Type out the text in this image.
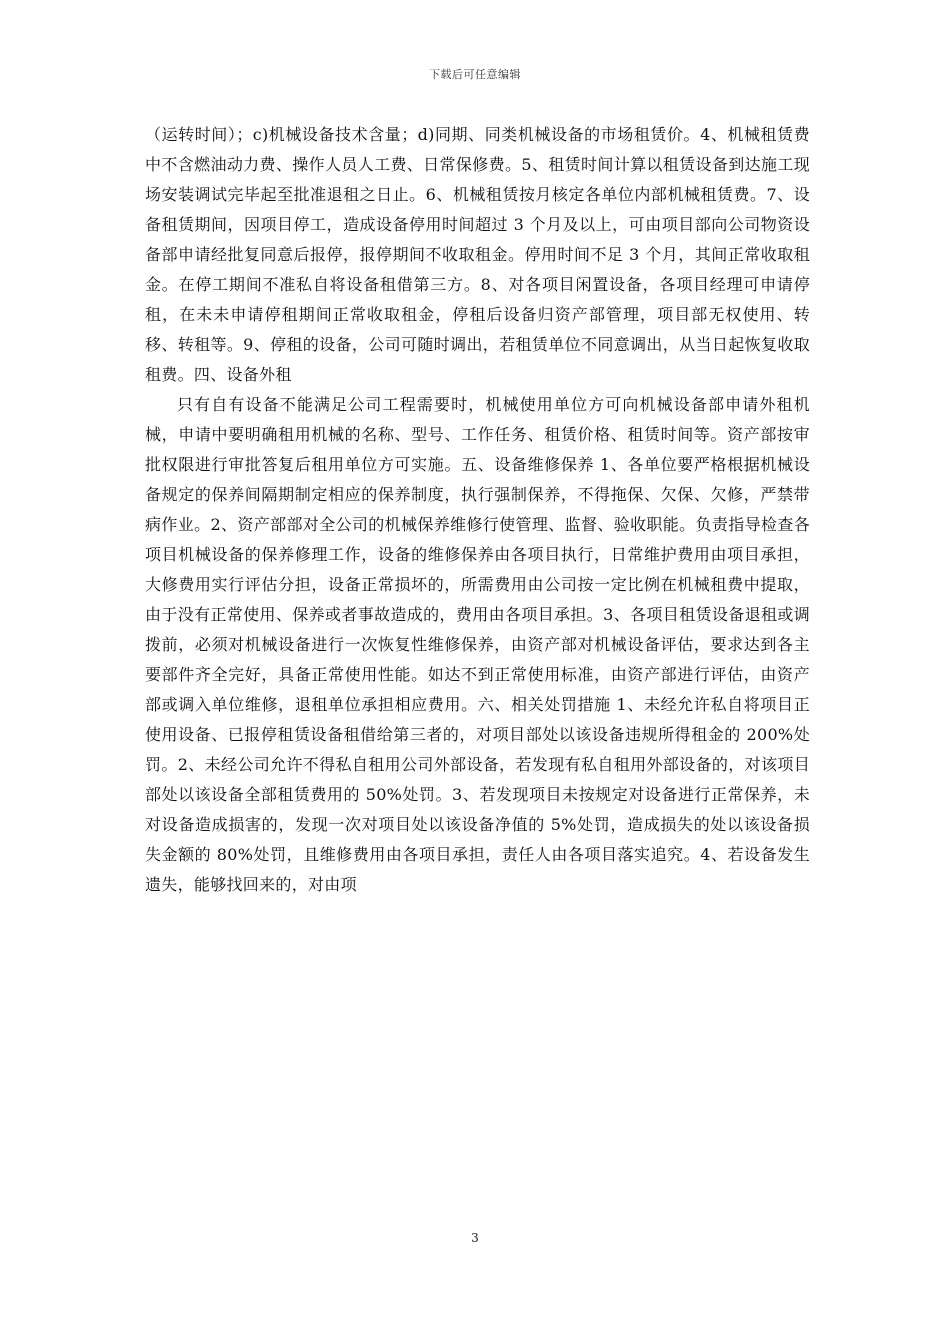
下载后可任意编辑

（运转时间）；c)机械设备技术含量；d)同期、同类机械设备的市场租赁价。4、机械租赁费中不含燃油动力费、操作人员人工费、日常保修费。5、租赁时间计算以租赁设备到达施工现场安装调试完毕起至批准退租之日止。6、机械租赁按月核定各单位内部机械租赁费。7、设备租赁期间，因项目停工，造成设备停用时间超过 3 个月及以上，可由项目部向公司物资设备部申请经批复同意后报停，报停期间不收取租金。停用时间不足 3 个月，其间正常收取租金。在停工期间不准私自将设备租借第三方。8、对各项目闲置设备，各项目经理可申请停租，在未未申请停租期间正常收取租金，停租后设备归资产部管理，项目部无权使用、转移、转租等。9、停租的设备，公司可随时调出，若租赁单位不同意调出，从当日起恢复收取租费。四、设备外租

只有自有设备不能满足公司工程需要时，机械使用单位方可向机械设备部申请外租机械，申请中要明确租用机械的名称、型号、工作任务、租赁价格、租赁时间等。资产部按审批权限进行审批答复后租用单位方可实施。五、设备维修保养 1、各单位要严格根据机械设备规定的保养间隔期制定相应的保养制度，执行强制保养，不得拖保、欠保、欠修，严禁带病作业。2、资产部部对全公司的机械保养维修行使管理、监督、验收职能。负责指导检查各项目机械设备的保养修理工作，设备的维修保养由各项目执行，日常维护费用由项目承担，大修费用实行评估分担，设备正常损坏的，所需费用由公司按一定比例在机械租费中提取，由于没有正常使用、保养或者事故造成的，费用由各项目承担。3、各项目租赁设备退租或调拨前，必须对机械设备进行一次恢复性维修保养，由资产部对机械设备评估，要求达到各主要部件齐全完好，具备正常使用性能。如达不到正常使用标准，由资产部进行评估，由资产部或调入单位维修，退租单位承担相应费用。六、相关处罚措施 1、未经允许私自将项目正使用设备、已报停租赁设备租借给第三者的，对项目部处以该设备违规所得租金的 200%处罚。2、未经公司允许不得私自租用公司外部设备，若发现有私自租用外部设备的，对该项目部处以该设备全部租赁费用的 50%处罚。3、若发现项目未按规定对设备进行正常保养，未对设备造成损害的，发现一次对项目处以该设备净值的 5%处罚，造成损失的处以该设备损失金额的 80%处罚，且维修费用由各项目承担，责任人由各项目落实追究。4、若设备发生遗失，能够找回来的，对由项

3
